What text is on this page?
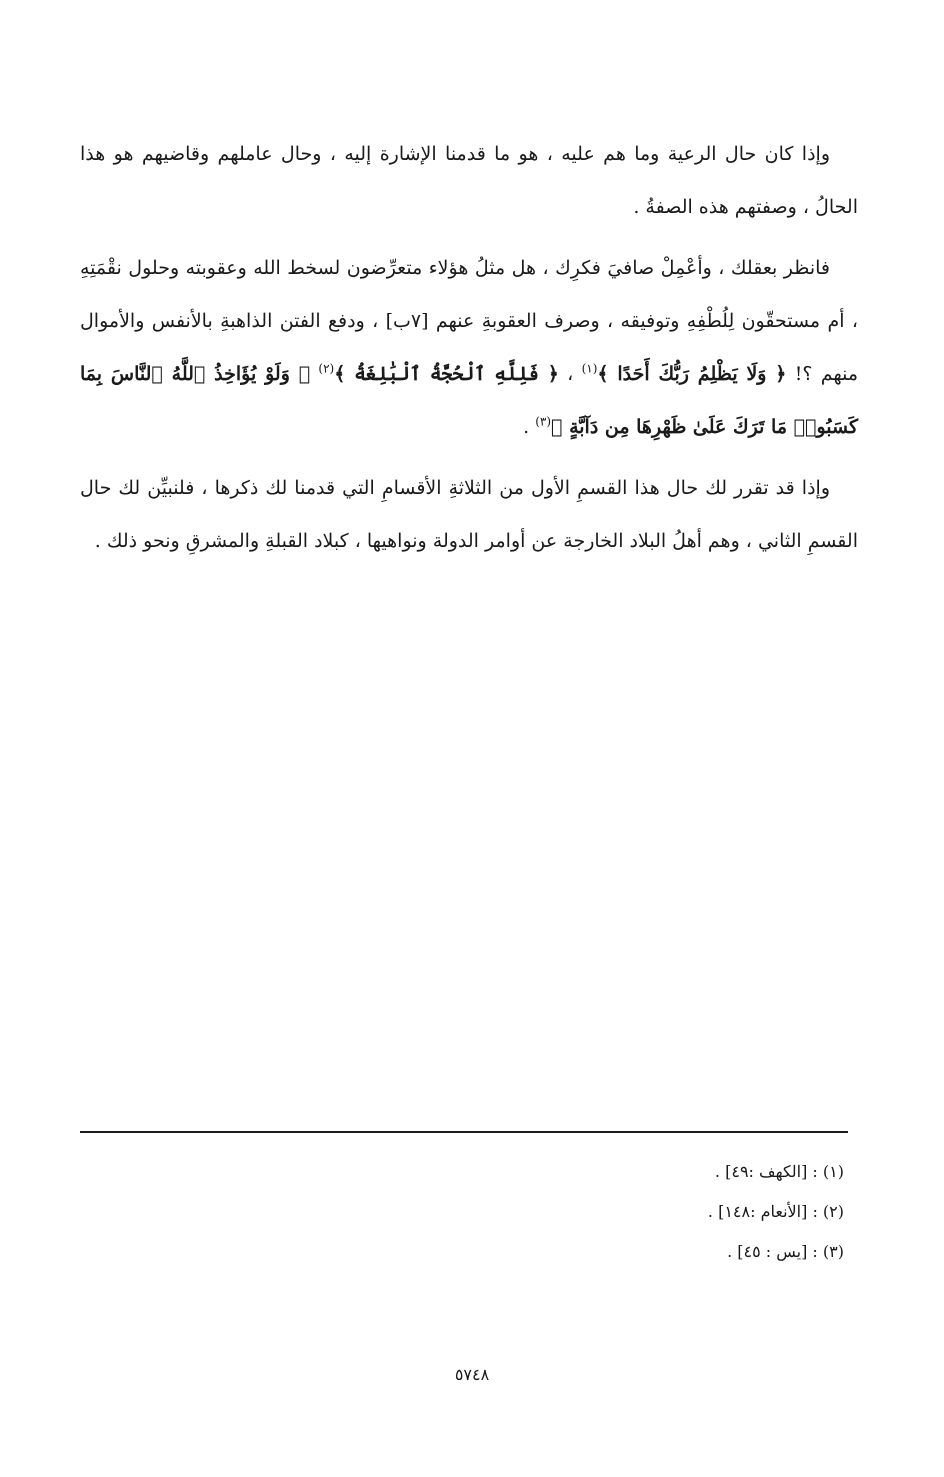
وإذا كان حال الرعية وما هم عليه ، هو ما قدمنا الإشارة إليه ، وحال عاملهم وقاضيهم هو هذا الحالُ ، وصفتهم هذه الصفةُ .

فانظر بعقلك ، وأعْمِلْ صافيَ فكرِك ، هل مثلُ هؤلاء متعرِّضون لسخط الله وعقوبته وحلول نقْمَتِهِ ، أم مستحقّون لِلُطْفِهِ وتوفيقه ، وصرف العقوبةِ عنهم [٧ب] ، ودفع الفتن الذاهبةِ بالأنفس والأموال منهم ؟! ﴿ وَلَا يَظْلِمُ رَبُّكَ أَحَدًا ﴾$^{(١)}$ ، ﴿ فَلِلَّهِ ٱلْحُجَّةُ ٱلْبَٰلِغَةُ ﴾$^{(٢)}$ ﴿ وَلَوْ يُؤَاخِذُ ٱللَّهُ ٱلنَّاسَ بِمَا كَسَبُوا۟ مَا تَرَكَ عَلَىٰ ظَهْرِهَا مِن دَآبَّةٍ ﴾$^{(٣)}$ .

وإذا قد تقرر لك حال هذا القسمِ الأول من الثلاثةِ الأقسامِ التي قدمنا لك ذكرها ، فلنبيِّن لك حال القسمِ الثاني ، وهم أهلُ البلاد الخارجة عن أوامر الدولة ونواهيها ، كبلاد القبلةِ والمشرقِ ونحو ذلك .

(١) : [الكهف :٤٩] .

(٢) : [الأنعام :١٤٨] .

(٣) : [يس : ٤٥] .

٥٧٤٨
